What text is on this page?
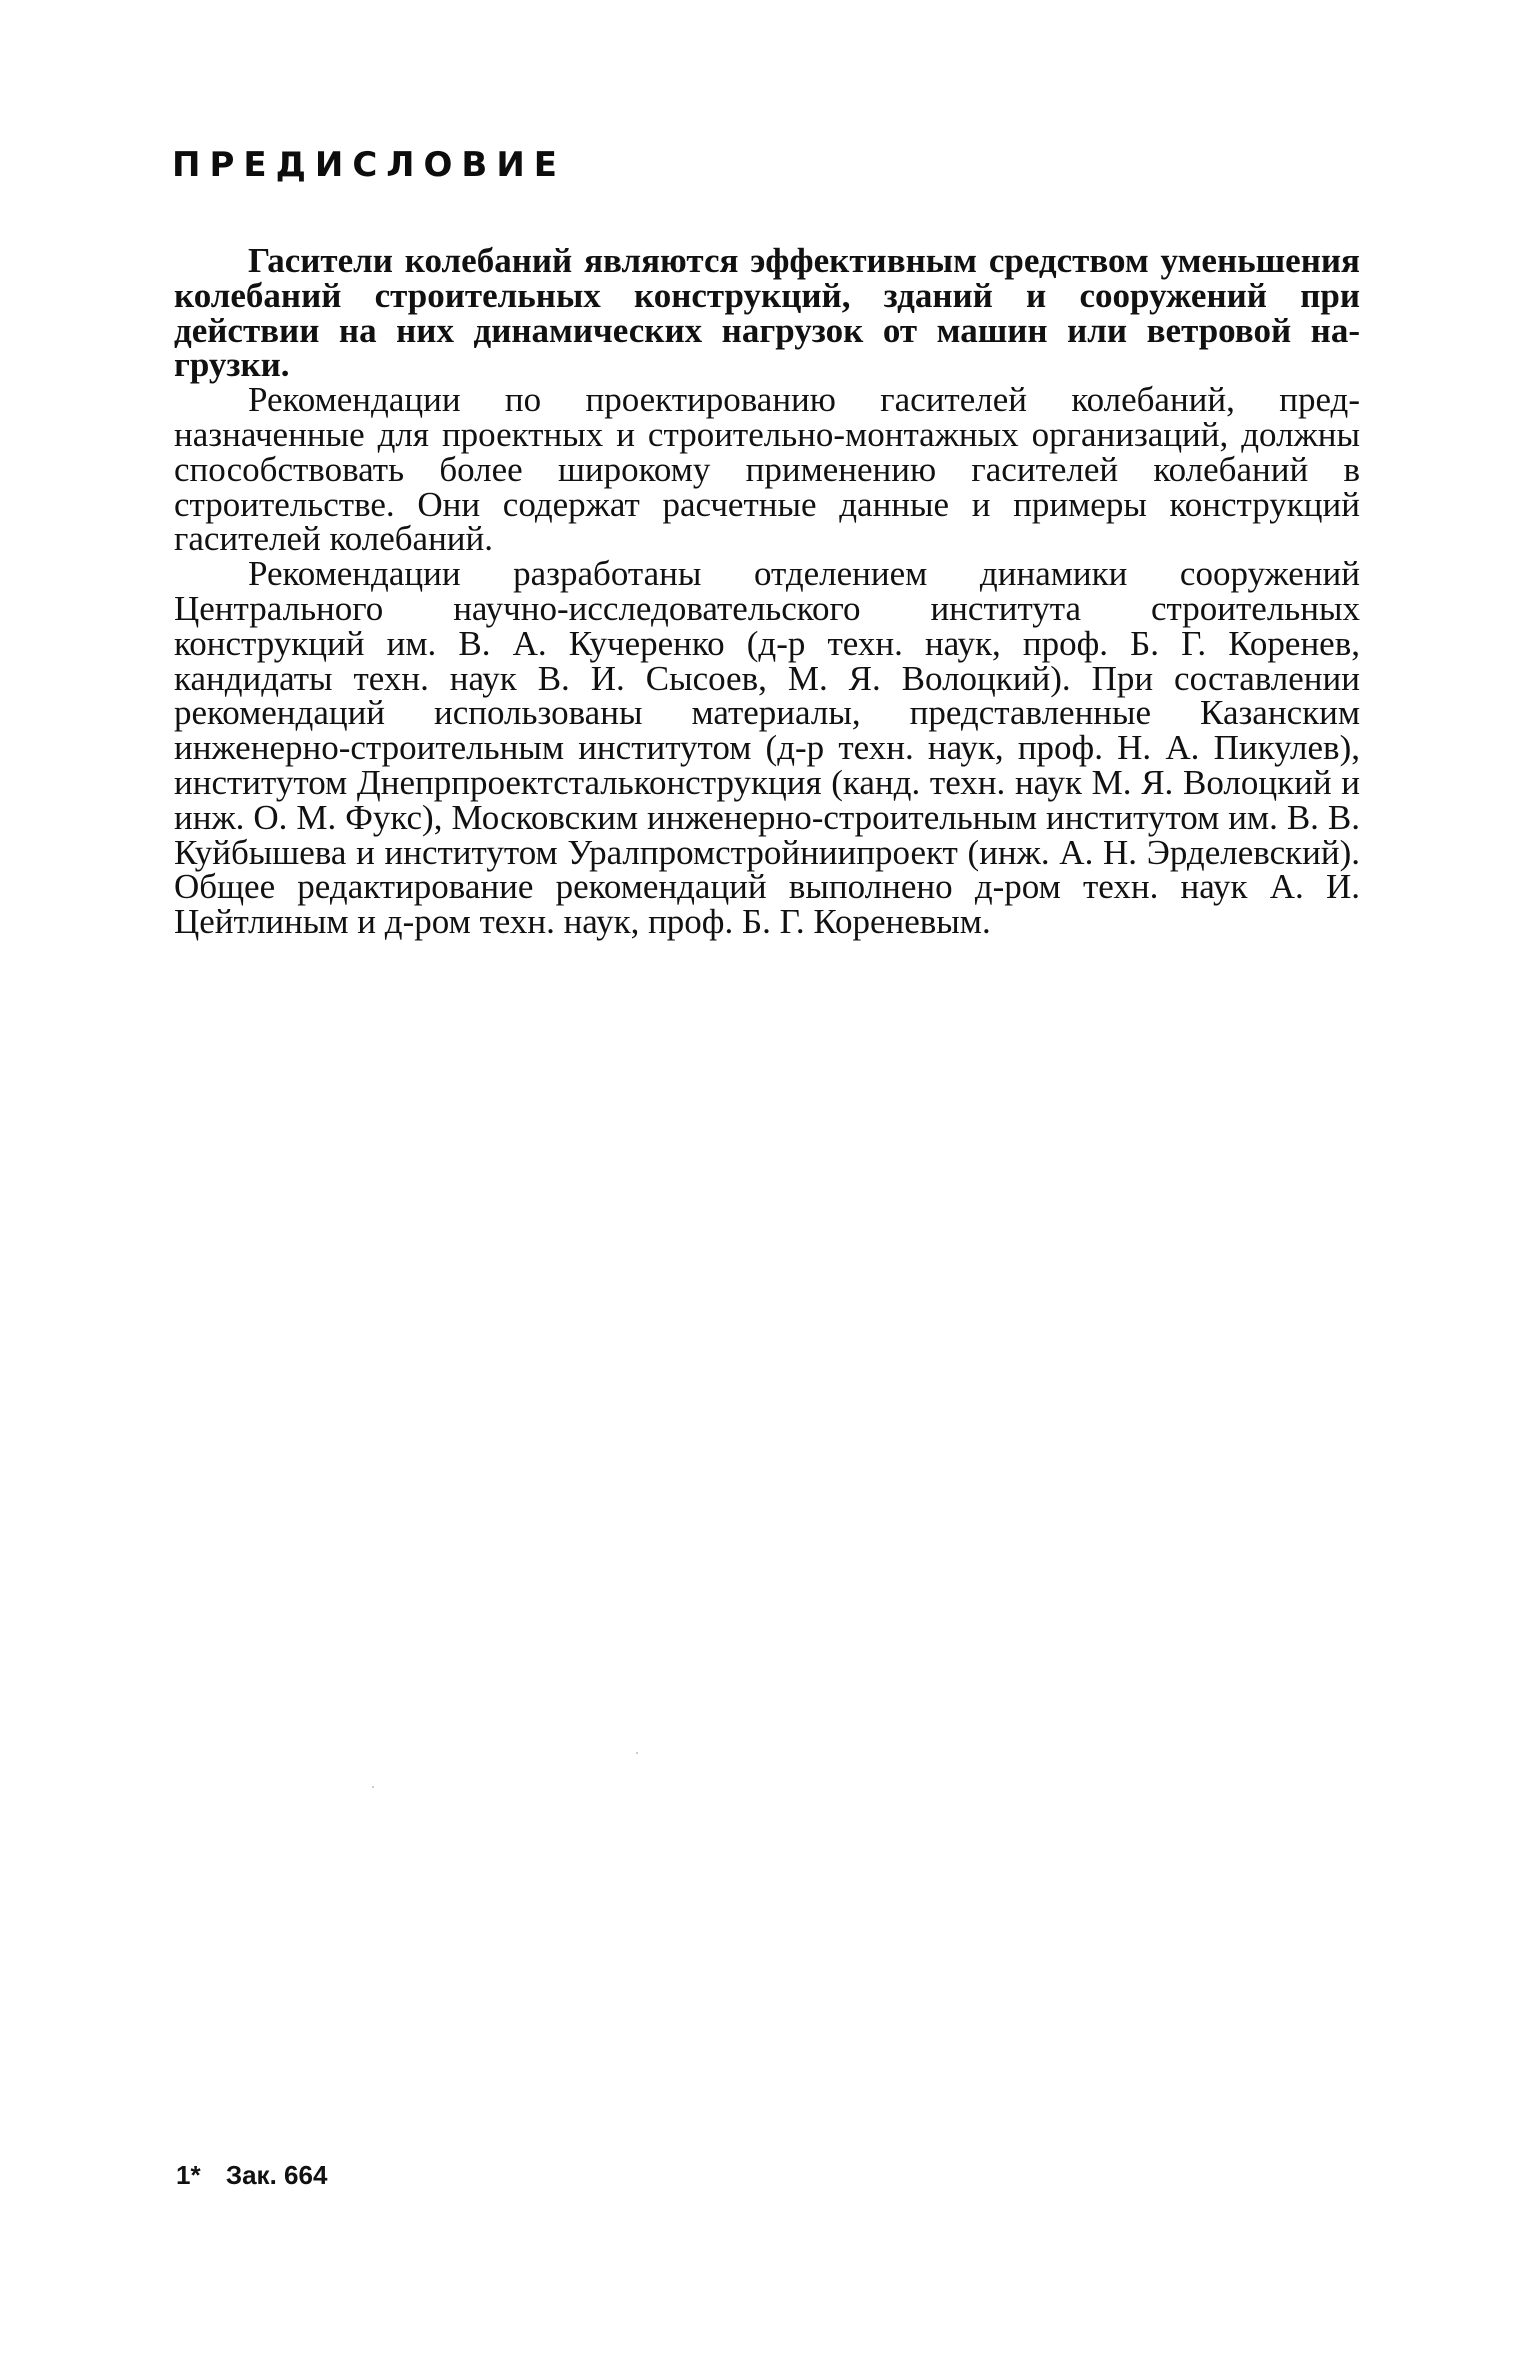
ПРЕДИСЛОВИЕ

Гасители колебаний являются эффективным средством уменьшения колебаний строительных конструкций, зданий и сооружений при действии на них динамических нагрузок от машин или ветровой нагрузки.

Рекомендации по проектированию гасителей колебаний, предназначенные для проектных и строительно-монтажных организаций, должны способствовать более широкому применению гасителей колебаний в строительстве. Они содержат расчетные данные и примеры конструкций гасителей колебаний.

Рекомендации разработаны отделением динамики сооружений Центрального научно-исследовательского института строительных конструкций им. В. А. Кучеренко (д-р техн. наук, проф. Б. Г. Коренев, кандидаты техн. наук В. И. Сысоев, М. Я. Волоцкий). При составлении рекомендаций использованы материалы, представленные Казанским инженерно-строительным институтом (д-р техн. наук, проф. Н. А. Пикулев), институтом Днепрпроектстальконструкция (канд. техн. наук М. Я. Волоцкий и инж. О. М. Фукс), Московским инженерно-строительным институтом им. В. В. Куйбышева и институтом Уралпромстройниипроект (инж. А. Н. Эрделевский). Общее редактирование рекомендаций выполнено д-ром техн. наук А. И. Цейтлиным и д-ром техн. наук, проф. Б. Г. Кореневым.

1* Зак. 664
